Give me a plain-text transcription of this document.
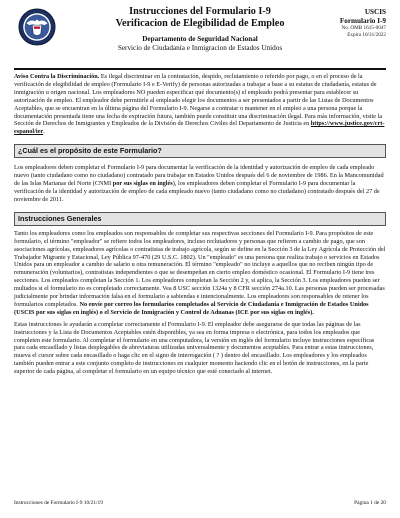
Instrucciones del Formulario I-9
Verificacion de Elegibilidad de Empleo
Departamento de Seguridad Nacional
Servicio de Ciudadanía e Inmigracion de Estados Unidos
USCIS
Formulario I-9
No. OMB 1615-0047
Expira 10/31/2022

Aviso Contra la Discriminación. Es ilegal discriminar en la contratación, despido, reclutamiento o referido por pago, o en el proceso de la verificación de elegibilidad de empleo (Formulario I-9 e E-Verify) de personas autorizadas a trabajar a base a su estatus de ciudadanía, estatus de inmigración u origen nacional. Los empleadores NO pueden especificar qué documento(s) el empleado podrá presentar para establecer su autorización de empleo. El empleador debe permitirle al empleado elegir los documentos a ser presentados a partir de las Listas de Documentos Aceptables, que se encuentran en la última página del Formulario I-9. Negarse a contratar o mantener en el empleo a una persona porque la documentación presentada tiene una fecha de expiración futura, también puede constituir una discriminación ilegal. Para más información, visite la Sección de Derechos de Inmigrantes y Empleados de la División de Derechos Civiles del Departamento de Justicia en https://www.justice.gov/crt-espanol/ier.

¿Cuál es el propósito de este Formulario?

Los empleadores deben completar el Formulario I-9 para documentar la verificación de la identidad y autorización de empleo de cada empleado nuevo (tanto ciudadano como no ciudadano) contratado para trabajar en Estados Unidos después del 6 de noviembre de 1986. En la Mancomunidad de las Islas Marianas del Norte (CNMI por sus siglas en inglés), los empleadores deben completar el Formulario I-9 para documentar la verificación de la identidad y autorización de empleo de cada empleado nuevo (tanto ciudadano como no ciudadano) contratado después del 27 de noviembre de 2011.

Instrucciones Generales

Tanto los empleadores como los empleados son responsables de completar sus respectivas secciones del Formulario I-9. Para propósitos de este formulario, el término "empleador" se refiere todos los empleadores, incluso reclutadores y personas que refieren a cambio de pago, que son asociaciones agrícolas, empleadores agrícolas o contratistas de trabajo agrícola, según se define en la Sección 3 de la Ley Agrícola de Protección del Trabajador Migrante y Estacional, Ley Pública 97-470 (29 U.S.C. 1802). Un "empleado" es una persona que realiza trabajo o servicios en Estados Unidos para un empleador a cambio de salario u otra remuneración. El término "empleado" no incluye a aquellos que no reciben ningún tipo de remuneración (voluntarios), contratistas independientes o que se desempeñan en cierto empleo doméstico ocasional. El Formulario I-9 tiene tres secciones. Los empleados completan la Sección 1. Los empleadores completan la Sección 2 y, si aplica, la Sección 3. Los empleadores pueden ser multados si el formulario no es completado correctamente. Vea 8 USC sección 1324a y 8 CFR sección 274a.10. Las personas pueden ser procesadas judicialmente por brindar información falsa en el formulario a sabiendas e intencionalmente. Los empleadores son responsables de retener los formularios completados. No envíe por correo los formularios completados al Servicio de Ciudadanía e Inmigración de Estados Unidos (USCIS por sus siglas en inglés) o el Servicio de Inmigración y Control de Aduanas (ICE por sus siglas en inglés).

Estas instrucciones le ayudarán a completar correctamente el Formulario I-9. El empleador debe asegurarse de que todas las páginas de las instrucciones y la Lista de Documentos Aceptables estén disponibles, ya sea en forma impresa o electrónica, para todos los empleados que completen este formulario. Al completar el formulario en una computadora, la versión en inglés del formulario incluye instrucciones específicas para cada encasillado y listas desplegables de abreviaturas utilizadas universalmente y documentos aceptables. Para entrar a estas instrucciones, mueva el cursor sobre cada encasillado o haga clic en el signo de interrogación ( ? ) dentro del encasillado. Los empleadores y los empleados también pueden entrar a este conjunto completo de instrucciones en cualquier momento haciendo clic en el botón de instrucciones, en la parte superior de cada página, al completar el formulario en un equipo técnico que esté conectado al internet.

Instrucciones de Formulario I-9 10/21/19	Página 1 de 20
